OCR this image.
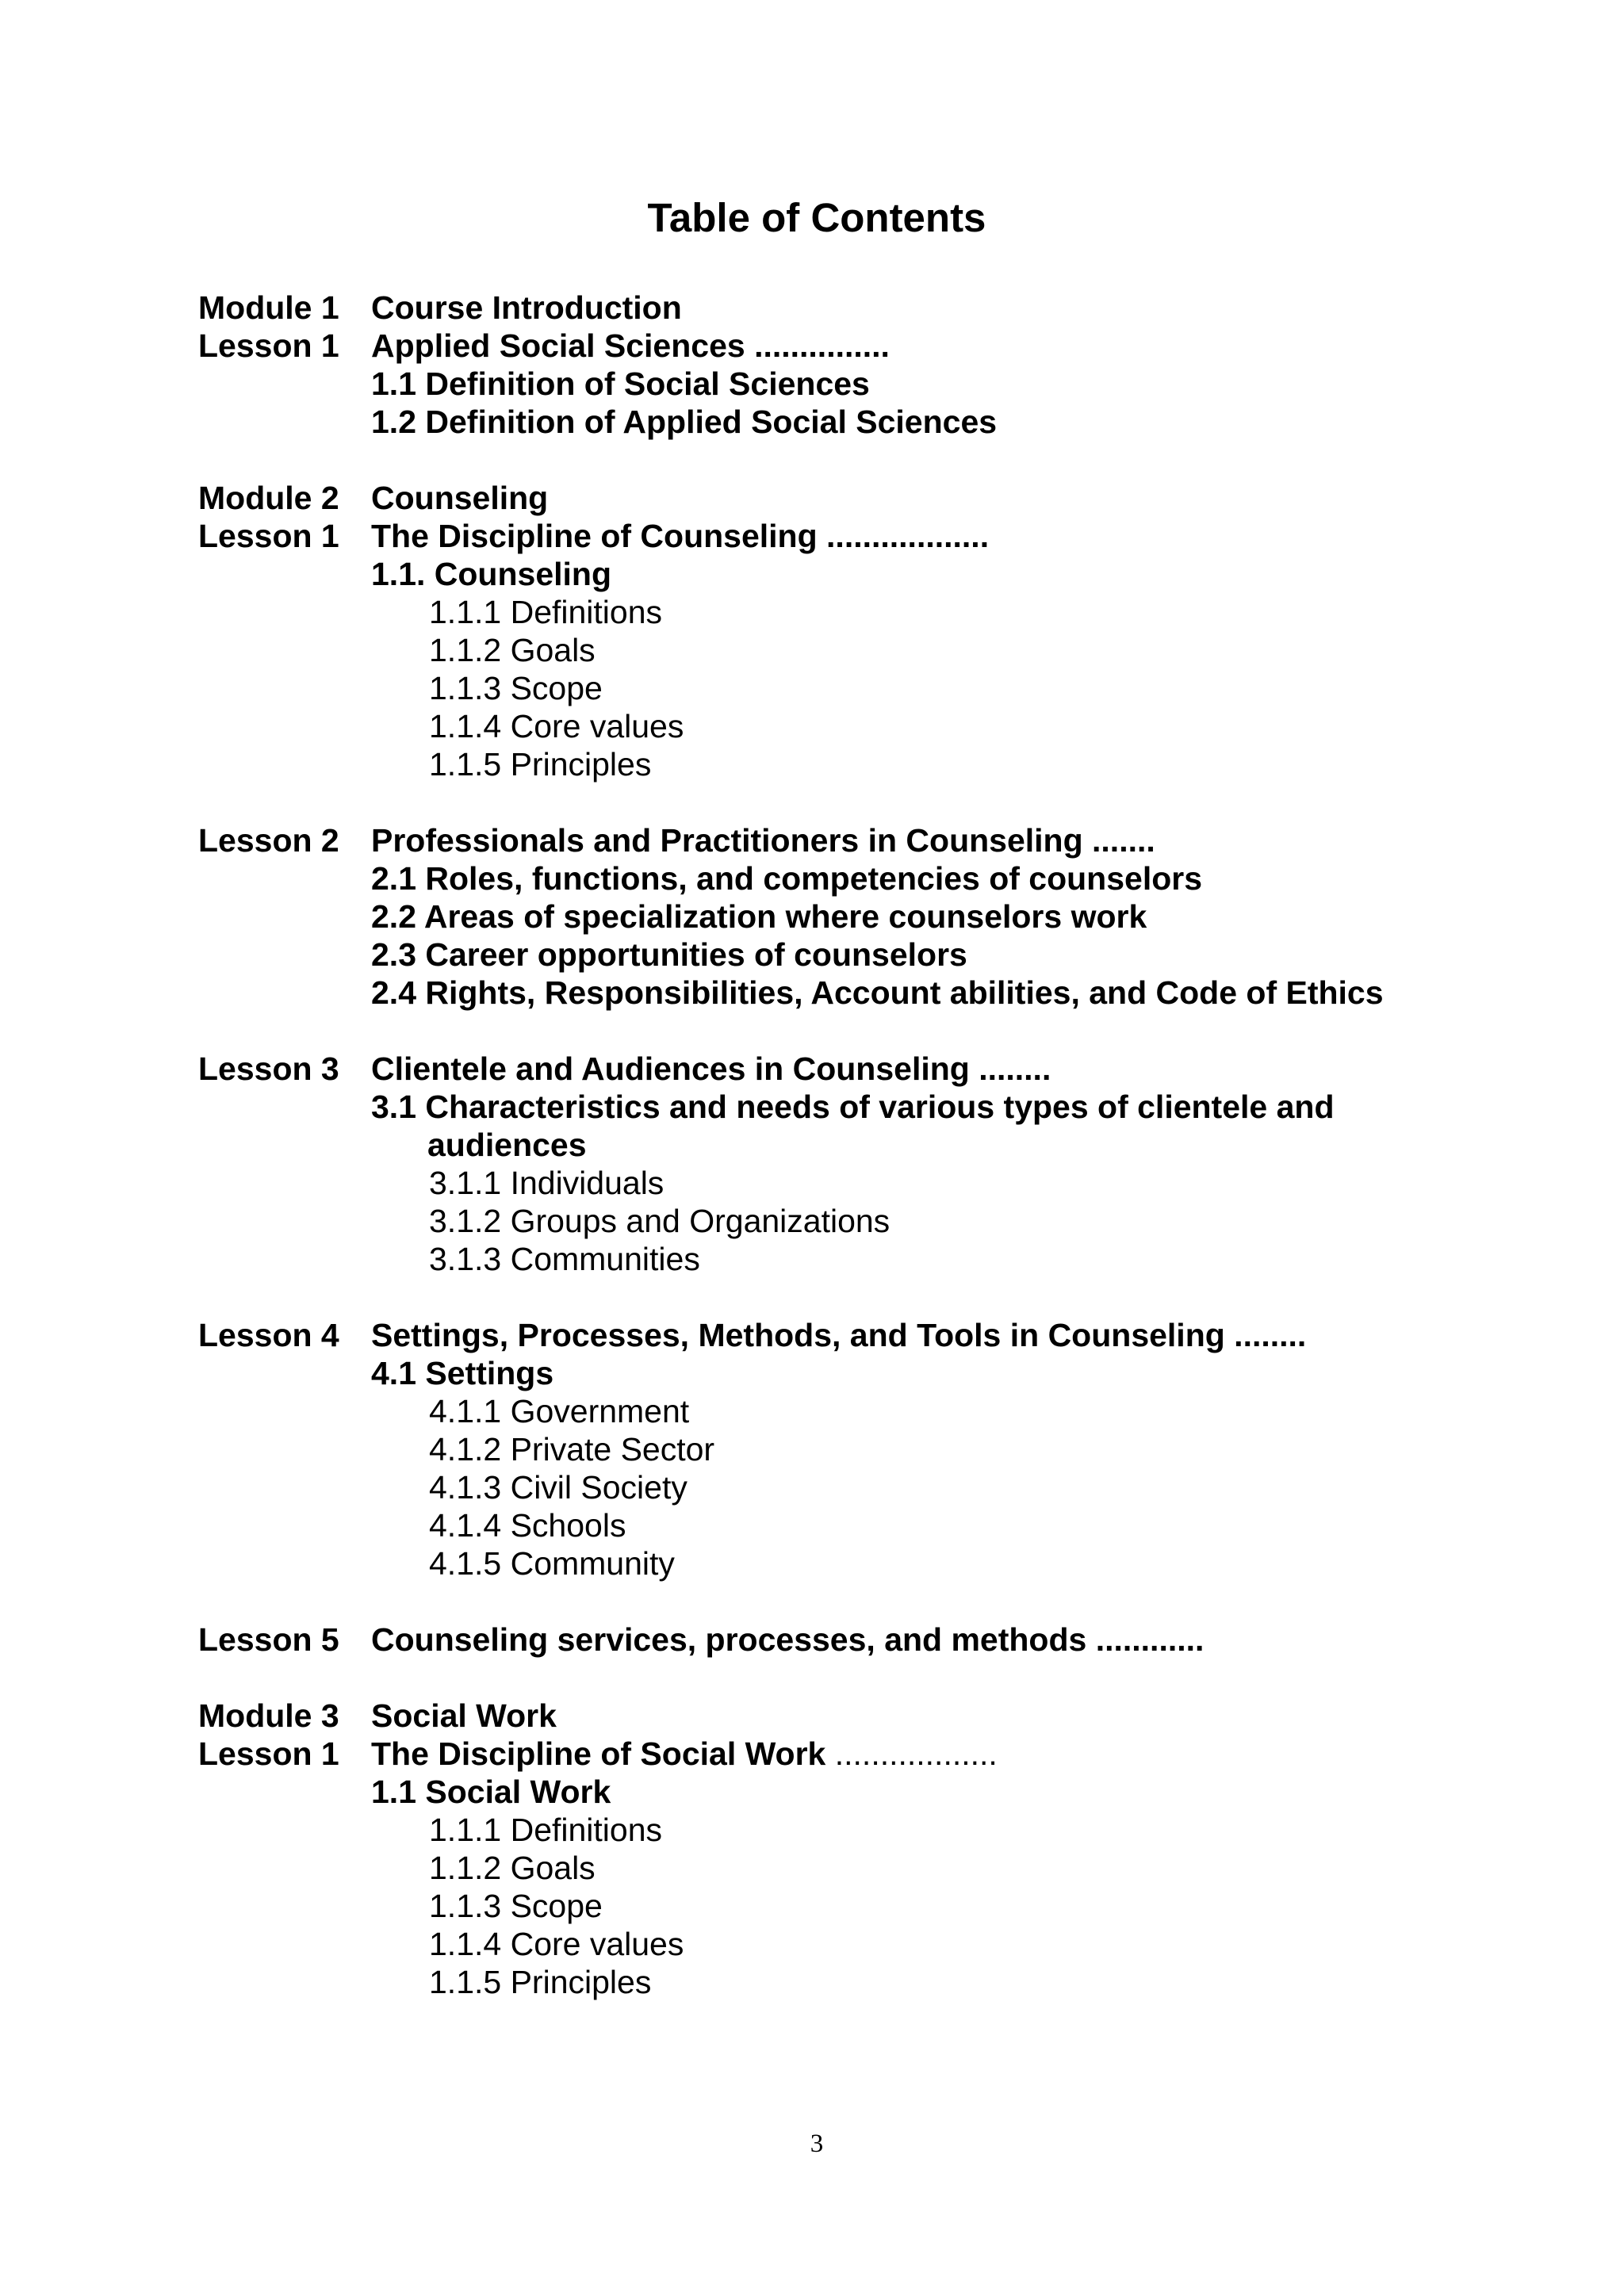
Table of Contents
Module 1 Course Introduction
Lesson 1 Applied Social Sciences ...............
1.1 Definition of Social Sciences
1.2 Definition of Applied Social Sciences
Module 2 Counseling
Lesson 1 The Discipline of Counseling ..................
1.1. Counseling
1.1.1 Definitions
1.1.2 Goals
1.1.3 Scope
1.1.4 Core values
1.1.5 Principles
Lesson 2 Professionals and Practitioners in Counseling .......
2.1 Roles, functions, and competencies of counselors
2.2 Areas of specialization where counselors work
2.3 Career opportunities of counselors
2.4 Rights, Responsibilities, Account abilities, and Code of Ethics
Lesson 3 Clientele and Audiences in Counseling ........
3.1 Characteristics and needs of various types of clientele and
audiences
3.1.1 Individuals
3.1.2 Groups and Organizations
3.1.3 Communities
Lesson 4 Settings, Processes, Methods, and Tools in Counseling ........
4.1 Settings
4.1.1 Government
4.1.2 Private Sector
4.1.3 Civil Society
4.1.4 Schools
4.1.5 Community
Lesson 5 Counseling services, processes, and methods ............
Module 3 Social Work
Lesson 1 The Discipline of Social Work ..................
1.1 Social Work
1.1.1 Definitions
1.1.2 Goals
1.1.3 Scope
1.1.4 Core values
1.1.5 Principles
3
